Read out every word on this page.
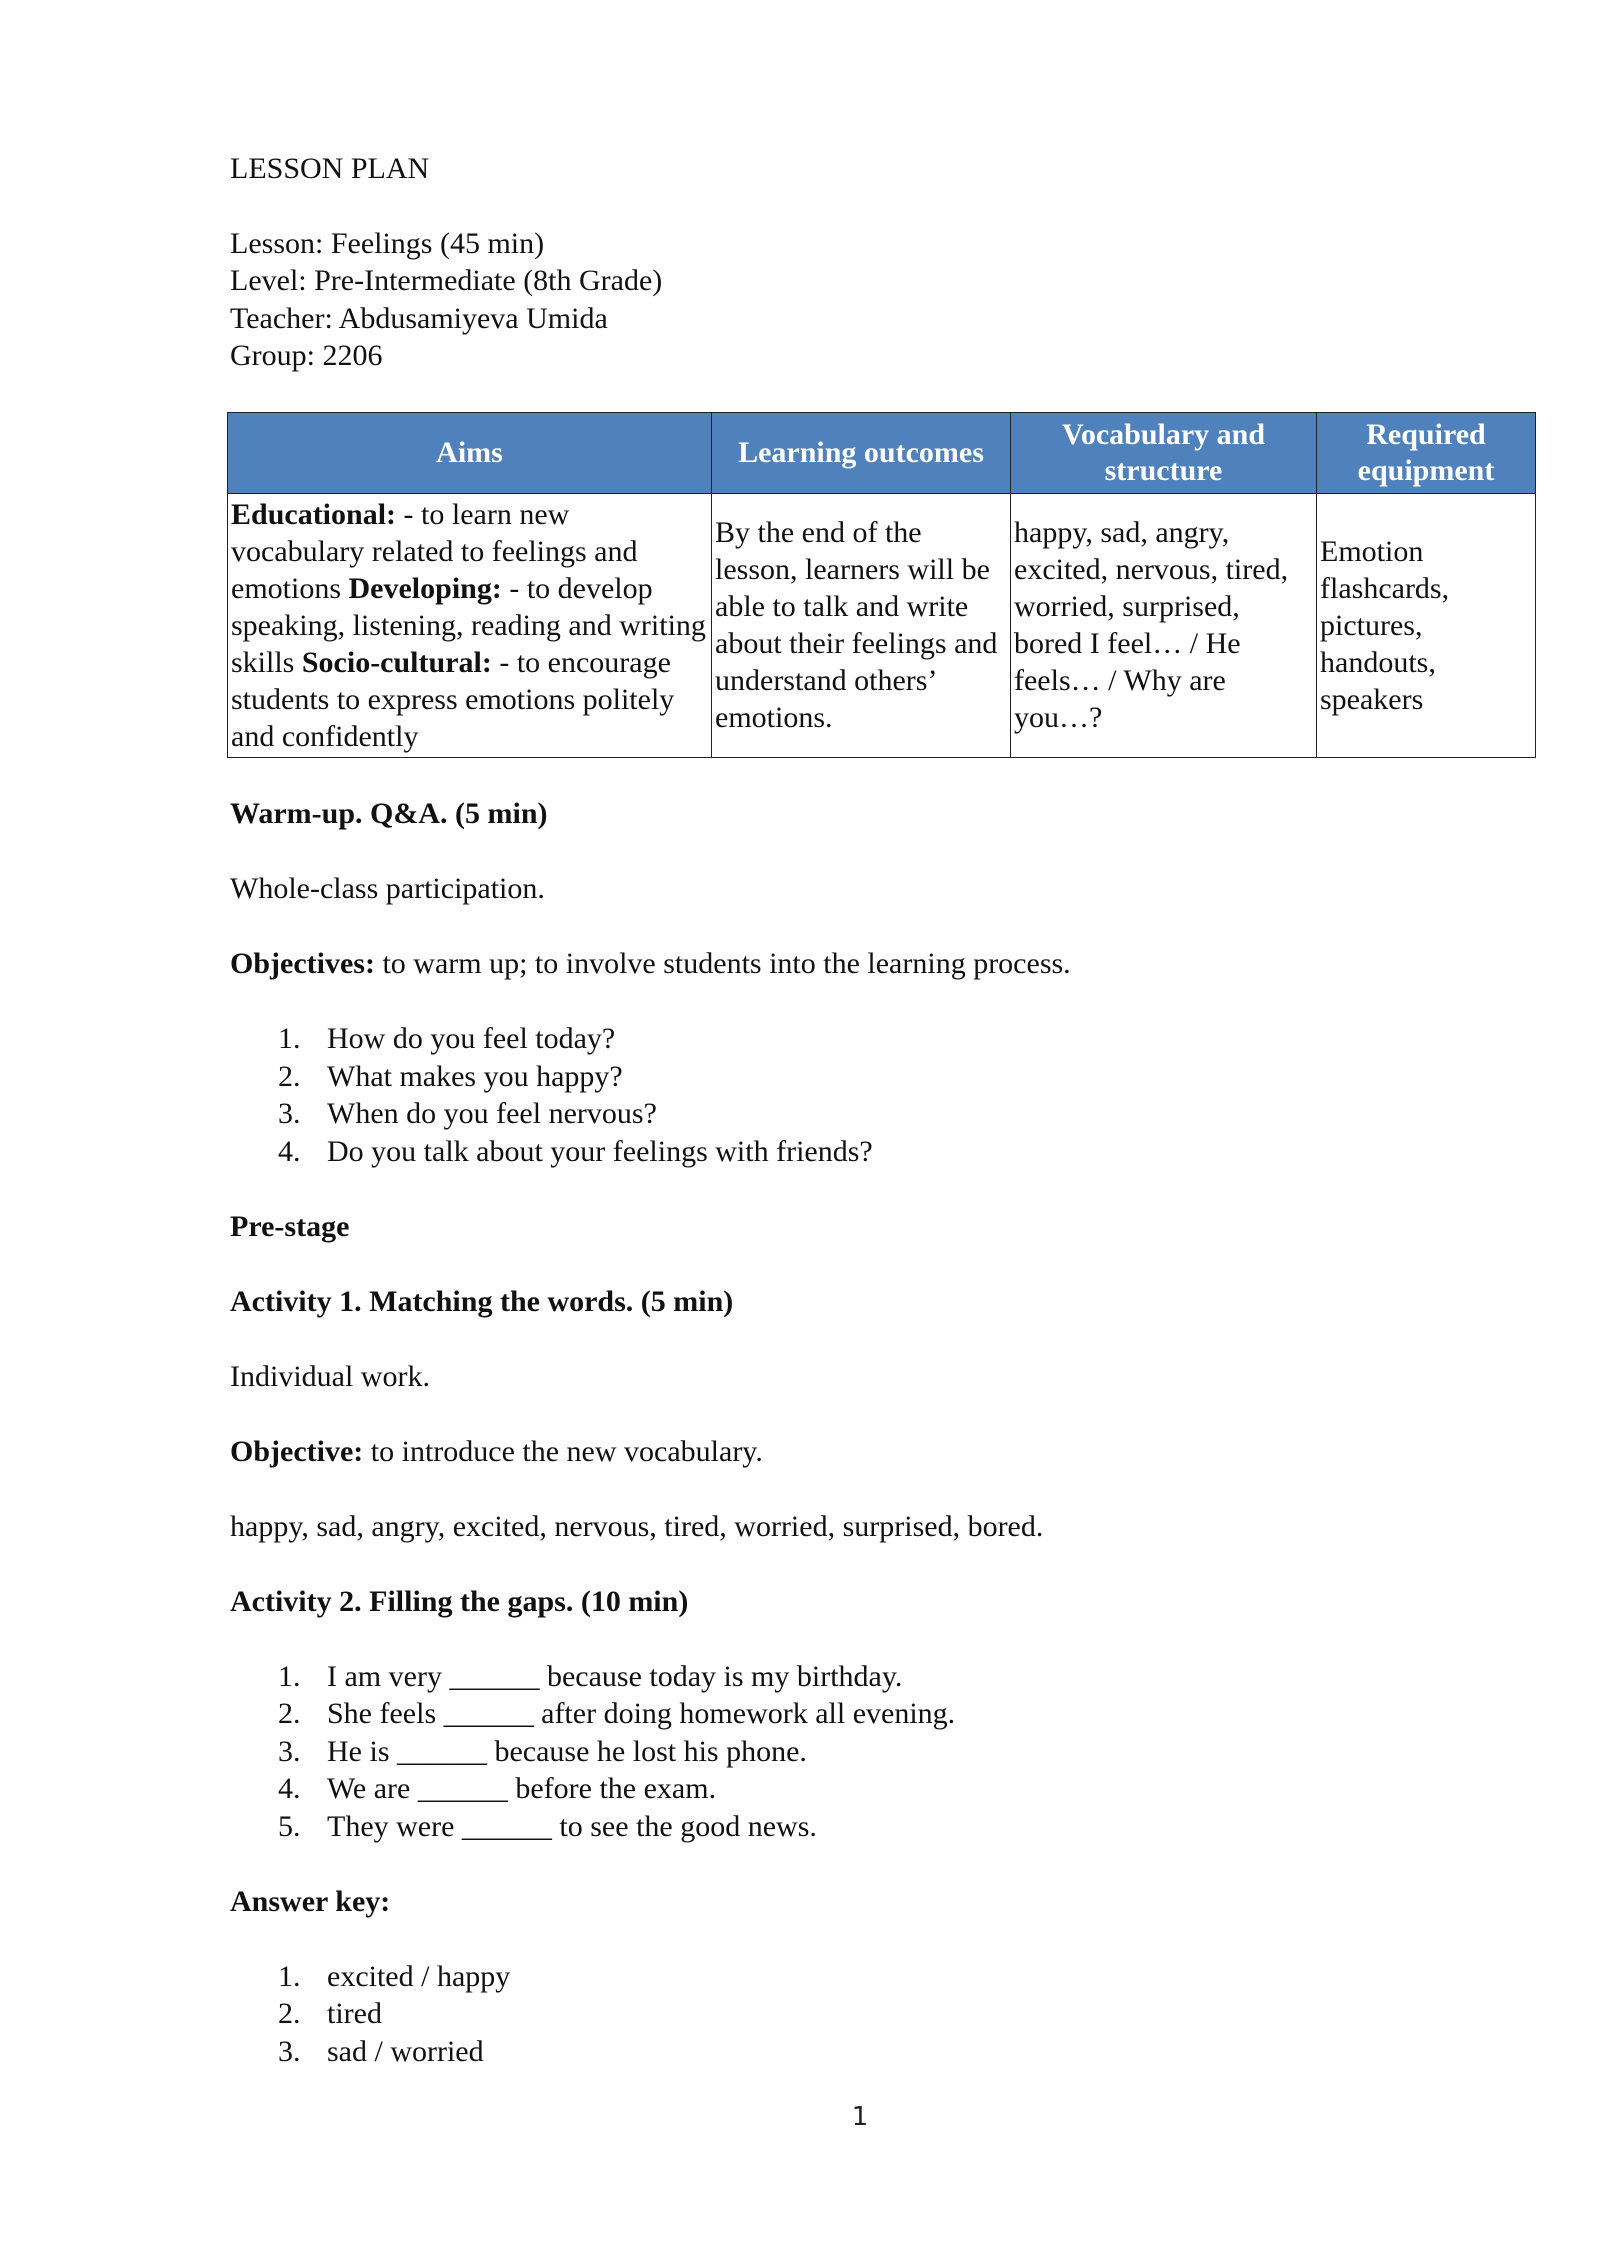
LESSON PLAN

Lesson: Feelings (45 min)

Level: Pre-Intermediate (8th Grade)

Teacher: Abdusamiyeva Umida

Group: 2206

Aims	Learning outcomes	Vocabulary and structure	Required equipment
Educational: - to learn new vocabulary related to feelings and emotions Developing: - to develop speaking, listening, reading and writing skills Socio-cultural: - to encourage students to express emotions politely and confidently	By the end of the lesson, learners will be able to talk and write about their feelings and understand others’ emotions.	happy, sad, angry, excited, nervous, tired, worried, surprised, bored I feel… / He feels… / Why are you…?	Emotion flashcards, pictures, handouts, speakers

Warm-up. Q&A. (5 min)

Whole-class participation.

Objectives: to warm up; to involve students into the learning process.

1. How do you feel today?
2. What makes you happy?
3. When do you feel nervous?
4. Do you talk about your feelings with friends?

Pre-stage

Activity 1. Matching the words. (5 min)

Individual work.

Objective: to introduce the new vocabulary.

happy, sad, angry, excited, nervous, tired, worried, surprised, bored.

Activity 2. Filling the gaps. (10 min)

1. I am very ______ because today is my birthday.
2. She feels ______ after doing homework all evening.
3. He is ______ because he lost his phone.
4. We are ______ before the exam.
5. They were ______ to see the good news.

Answer key:

1. excited / happy
2. tired
3. sad / worried
1
